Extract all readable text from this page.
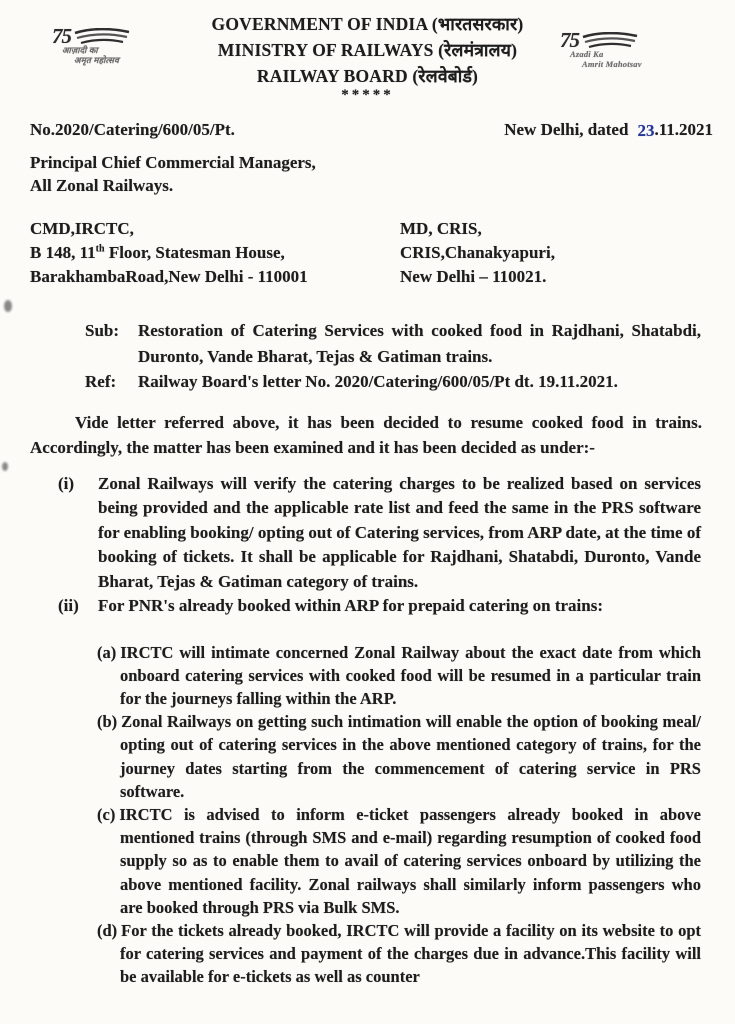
75
आज़ादी का
अमृत महोत्सव
GOVERNMENT OF INDIA (भारतसरकार)
MINISTRY OF RAILWAYS (रेलमंत्रालय)
RAILWAY BOARD (रेलवेबोर्ड)
*****
75
Azadi Ka
Amrit Mahotsav
No.2020/Catering/600/05/Pt.	New Delhi, dated 23.11.2021
Principal Chief Commercial Managers,
All Zonal Railways.
CMD,IRCTC,
B 148, 11th Floor, Statesman House,
BarakhambaRoad,New Delhi - 110001
MD, CRIS,
CRIS,Chanakyapuri,
New Delhi – 110021.
Sub:	Restoration of Catering Services with cooked food in Rajdhani, Shatabdi, Duronto, Vande Bharat, Tejas & Gatiman trains.
Ref:	Railway Board's letter No. 2020/Catering/600/05/Pt dt. 19.11.2021.
Vide letter referred above, it has been decided to resume cooked food in trains. Accordingly, the matter has been examined and it has been decided as under:-
(i)	Zonal Railways will verify the catering charges to be realized based on services being provided and the applicable rate list and feed the same in the PRS software for enabling booking/ opting out of Catering services, from ARP date, at the time of booking of tickets. It shall be applicable for Rajdhani, Shatabdi, Duronto, Vande Bharat, Tejas & Gatiman category of trains.
(ii)	For PNR's already booked within ARP for prepaid catering on trains:
(a) IRCTC will intimate concerned Zonal Railway about the exact date from which onboard catering services with cooked food will be resumed in a particular train for the journeys falling within the ARP.
(b) Zonal Railways on getting such intimation will enable the option of booking meal/ opting out of catering services in the above mentioned category of trains, for the journey dates starting from the commencement of catering service in PRS software.
(c) IRCTC is advised to inform e-ticket passengers already booked in above mentioned trains (through SMS and e-mail) regarding resumption of cooked food supply so as to enable them to avail of catering services onboard by utilizing the above mentioned facility. Zonal railways shall similarly inform passengers who are booked through PRS via Bulk SMS.
(d) For the tickets already booked, IRCTC will provide a facility on its website to opt for catering services and payment of the charges due in advance.This facility will be available for e-tickets as well as counter
